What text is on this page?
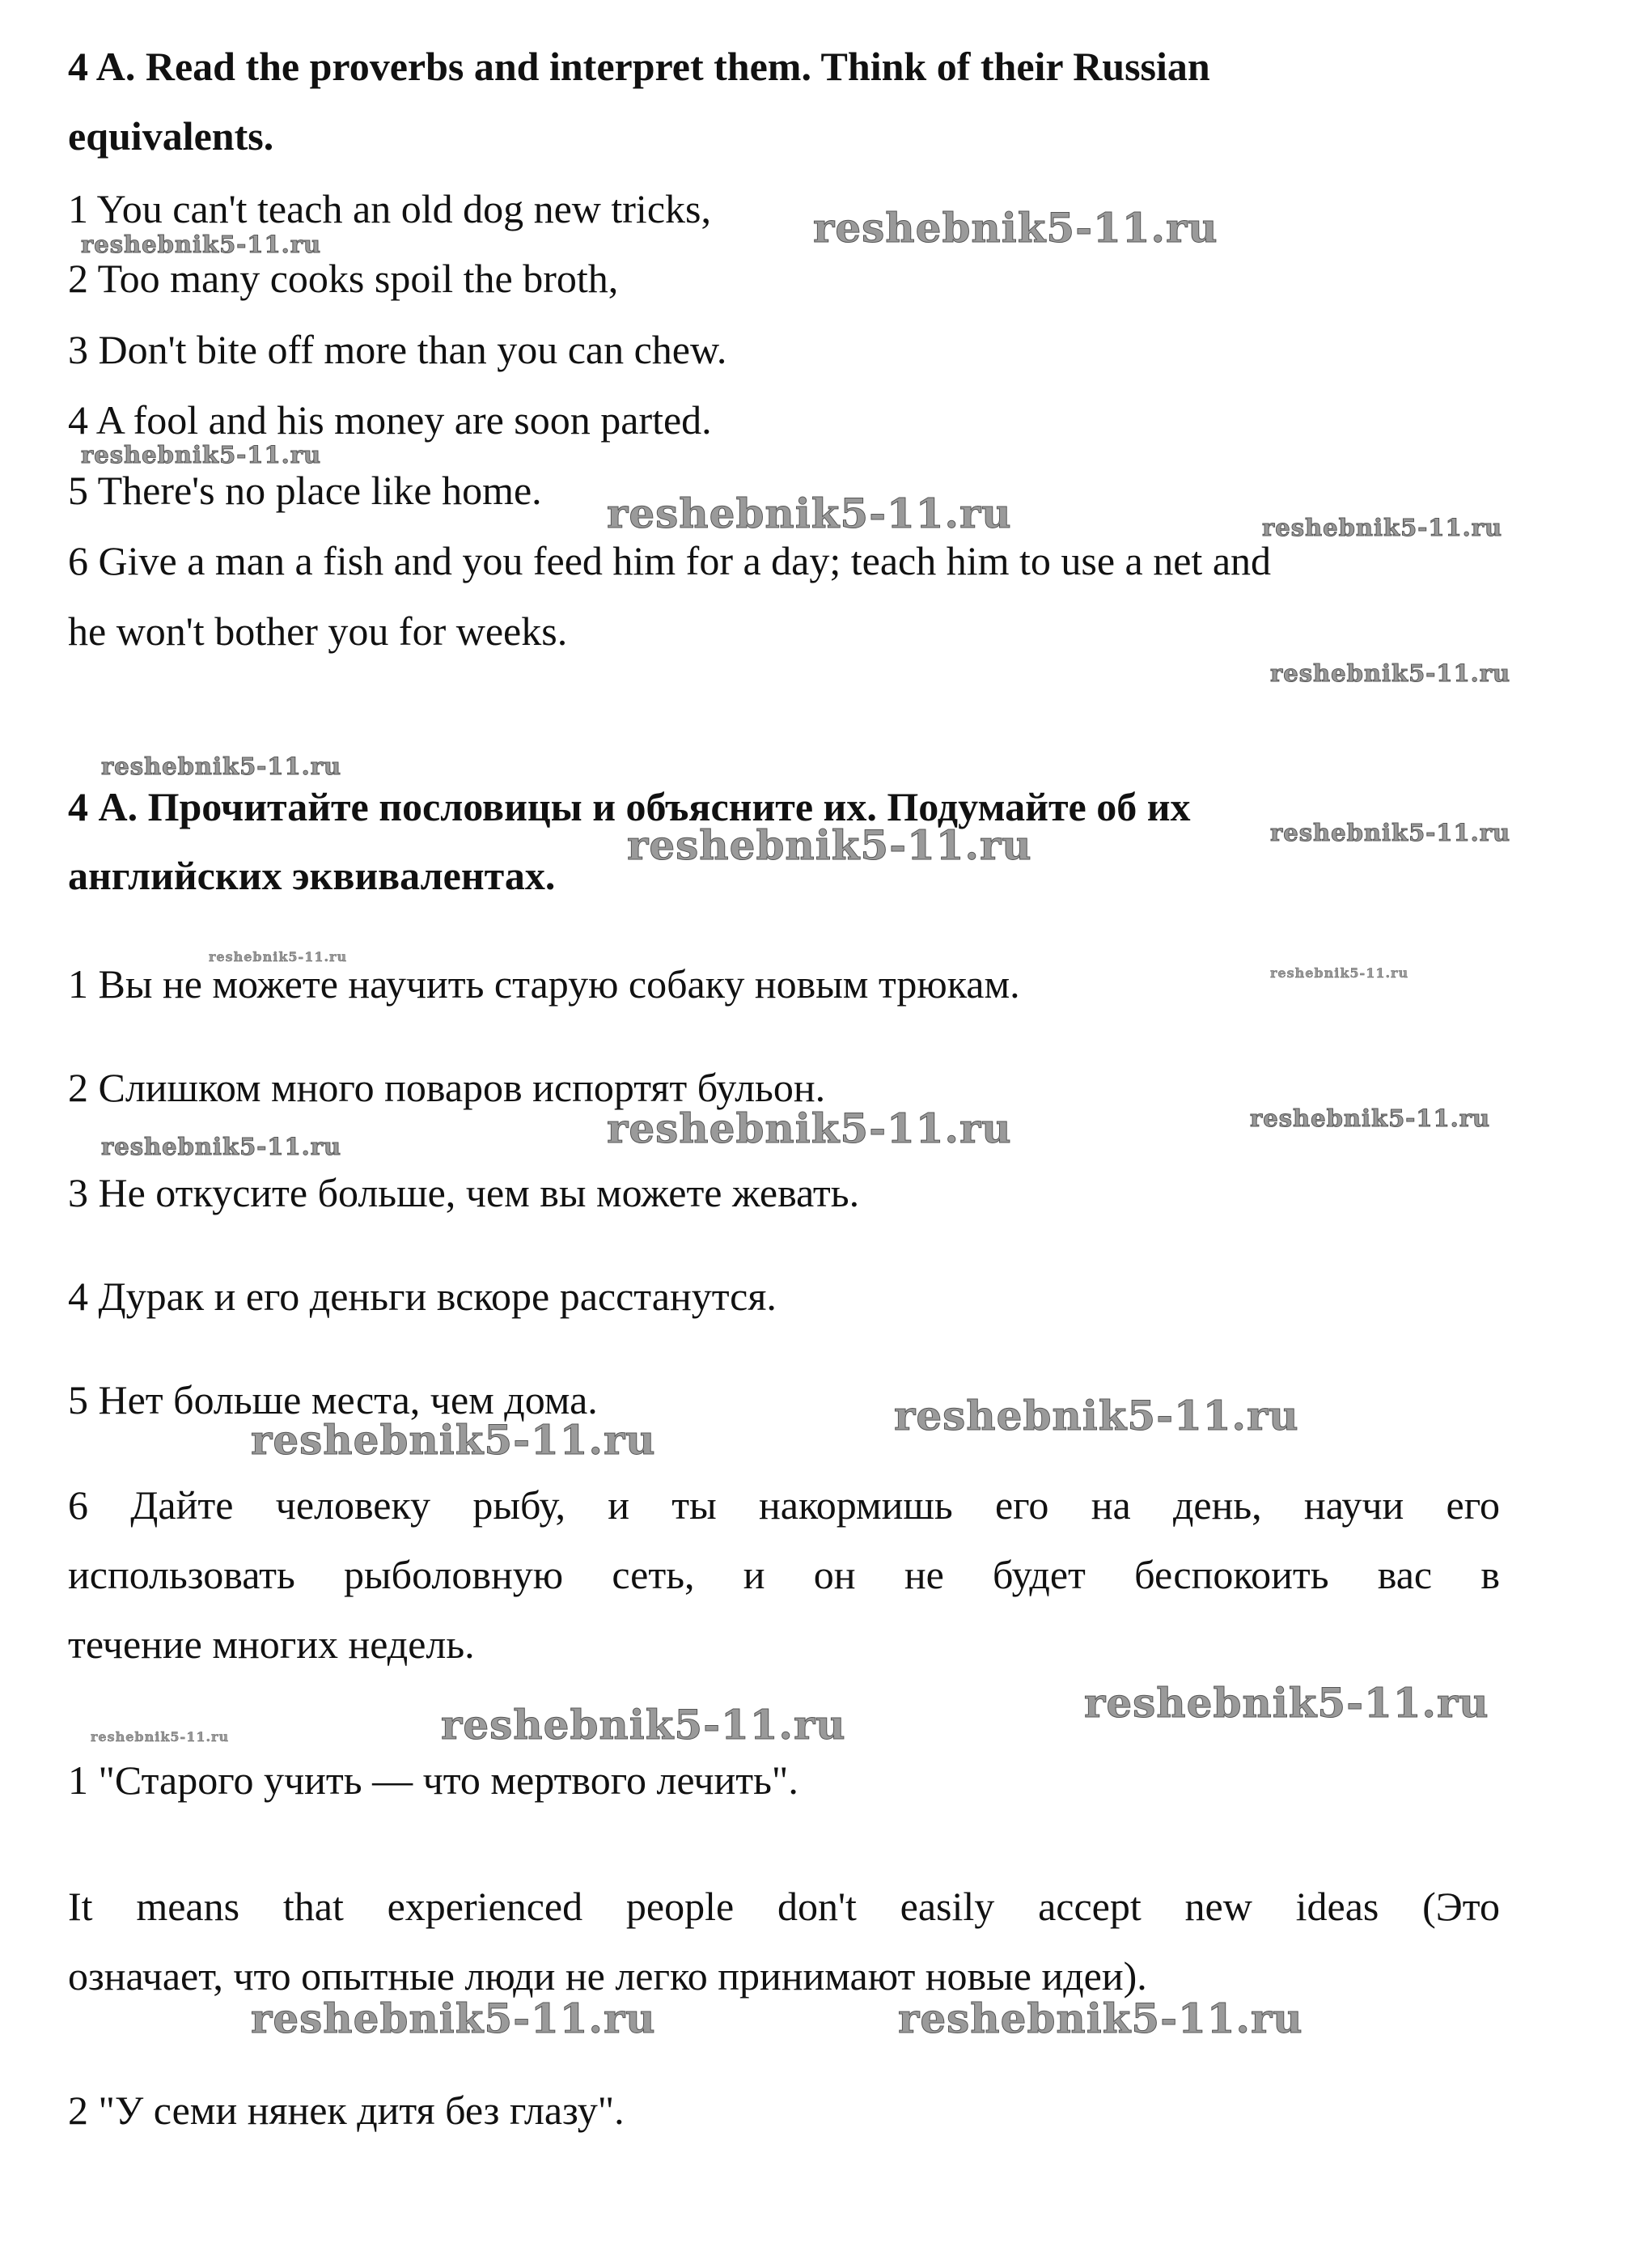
4 A. Read the proverbs and interpret them. Think of their Russian
equivalents.
1 You can't teach an old dog new tricks,
2 Too many cooks spoil the broth,
3 Don't bite off more than you can chew.
4 A fool and his money are soon parted.
5 There's no place like home.
6 Give a man a fish and you feed him for a day; teach him to use a net and
he won't bother you for weeks.
4 А. Прочитайте пословицы и объясните их. Подумайте об их
английских эквивалентах.
1 Вы не можете научить старую собаку новым трюкам.
2 Слишком много поваров испортят бульон.
3 Не откусите больше, чем вы можете жевать.
4 Дурак и его деньги вскоре расстанутся.
5 Нет больше места, чем дома.
6 Дайте человеку рыбу, и ты накормишь его на день, научи его
использовать рыболовную сеть, и он не будет беспокоить вас в
течение многих недель.
1 "Старого учить — что мертвого лечить".
It means that experienced people don't easily accept new ideas (Это
означает, что опытные люди не легко принимают новые идеи).
2 "У семи нянек дитя без глазу".
reshebnik5-11.ru
reshebnik5-11.ru
reshebnik5-11.ru
reshebnik5-11.ru	reshebnik5-11.ru
reshebnik5-11.ru
reshebnik5-11.ru
reshebnik5-11.ru	reshebnik5-11.ru
reshebnik5-11.ru
reshebnik5-11.ru
reshebnik5-11.ru	reshebnik5-11.ru
reshebnik5-11.ru
reshebnik5-11.ru
reshebnik5-11.ru
reshebnik5-11.ru
reshebnik5-11.ru
reshebnik5-11.ru
reshebnik5-11.ru	reshebnik5-11.ru
